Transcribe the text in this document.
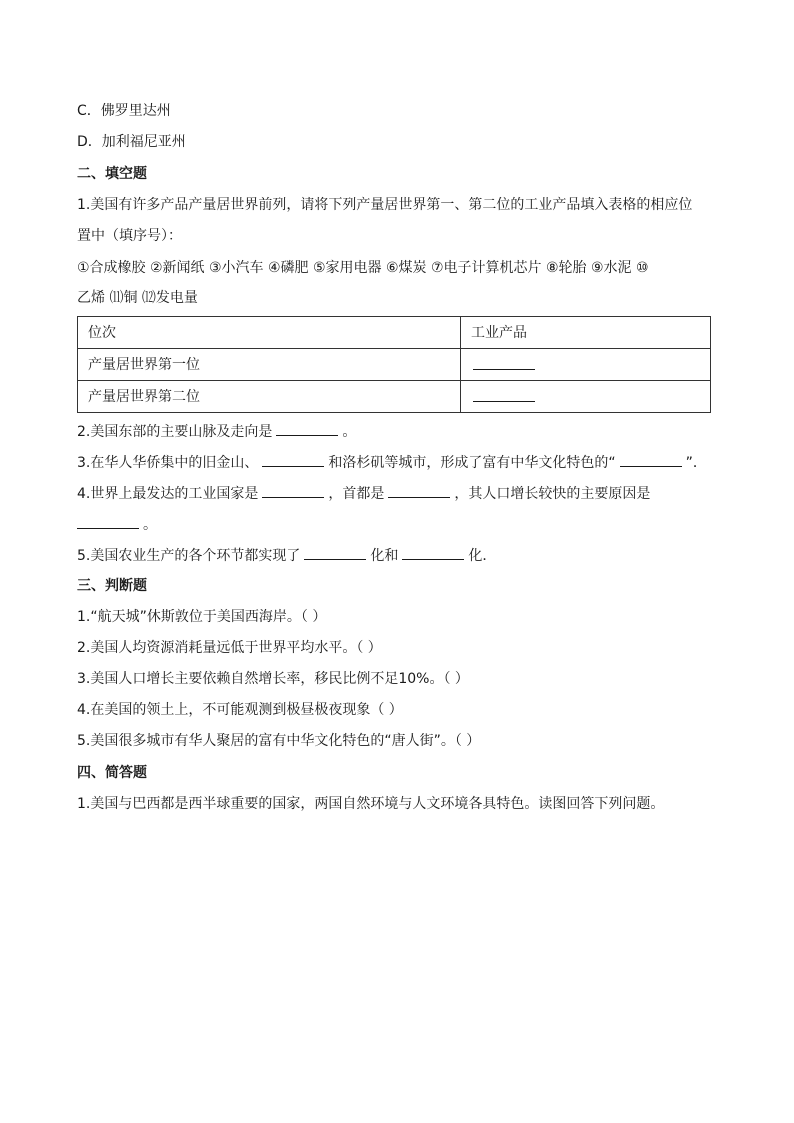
C．佛罗里达州
D．加利福尼亚州
二、填空题
1.美国有许多产品产量居世界前列，请将下列产量居世界第一、第二位的工业产品填入表格的相应位
置中（填序号）：
①合成橡胶 ②新闻纸 ③小汽车 ④磷肥 ⑤家用电器 ⑥煤炭 ⑦电子计算机芯片 ⑧轮胎 ⑨水泥 ⑩
乙烯 ⑾铜 ⑿发电量
位次	工业产品
产量居世界第一位	
产量居世界第二位	
2.美国东部的主要山脉及走向是	。
3.在华人华侨集中的旧金山、	和洛杉矶等城市，形成了富有中华文化特色的“	”．
4.世界上最发达的工业国家是	，首都是	，其人口增长较快的主要原因是
。
5.美国农业生产的各个环节都实现了	化和	化．
三、判断题
1.“航天城”休斯敦位于美国西海岸。（ ）
2.美国人均资源消耗量远低于世界平均水平。（ ）
3.美国人口增长主要依赖自然增长率，移民比例不足10%。（ ）
4.在美国的领土上，不可能观测到极昼极夜现象（ ）
5.美国很多城市有华人聚居的富有中华文化特色的“唐人街”。（ ）
四、简答题
1.美国与巴西都是西半球重要的国家，两国自然环境与人文环境各具特色。读图回答下列问题。
